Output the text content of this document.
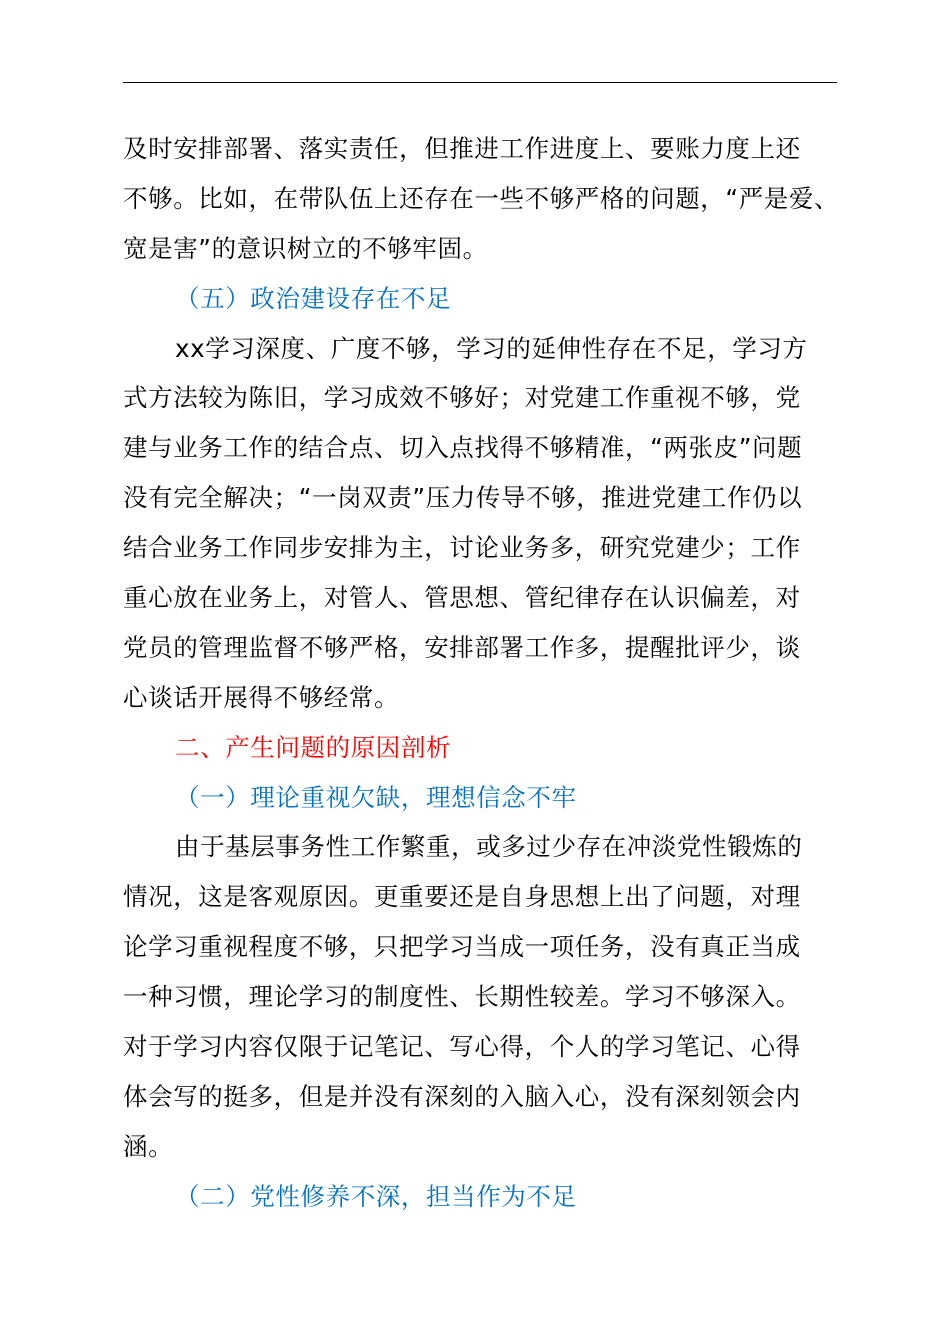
及时安排部署、落实责任，但推进工作进度上、要账力度上还
不够。比如，在带队伍上还存在一些不够严格的问题，“严是爱、
宽是害”的意识树立的不够牢固。
（五）政治建设存在不足
xx学习深度、广度不够，学习的延伸性存在不足，学习方
式方法较为陈旧，学习成效不够好；对党建工作重视不够，党
建与业务工作的结合点、切入点找得不够精准，“两张皮”问题
没有完全解决；“一岗双责”压力传导不够，推进党建工作仍以
结合业务工作同步安排为主，讨论业务多，研究党建少；工作
重心放在业务上，对管人、管思想、管纪律存在认识偏差，对
党员的管理监督不够严格，安排部署工作多，提醒批评少，谈
心谈话开展得不够经常。
二、产生问题的原因剖析
（一）理论重视欠缺，理想信念不牢
由于基层事务性工作繁重，或多过少存在冲淡党性锻炼的
情况，这是客观原因。更重要还是自身思想上出了问题，对理
论学习重视程度不够，只把学习当成一项任务，没有真正当成
一种习惯，理论学习的制度性、长期性较差。学习不够深入。
对于学习内容仅限于记笔记、写心得，个人的学习笔记、心得
体会写的挺多，但是并没有深刻的入脑入心，没有深刻领会内
涵。
（二）党性修养不深，担当作为不足
